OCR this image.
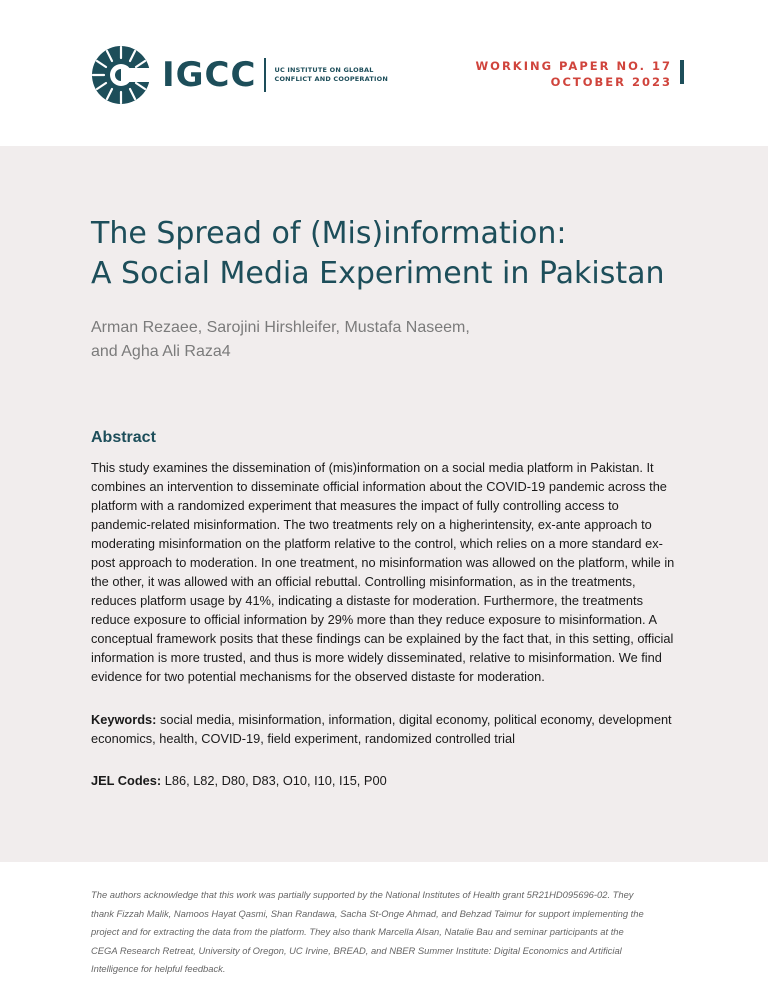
IGCC	UC INSTITUTE ON GLOBAL
CONFLICT AND COOPERATION
WORKING PAPER NO. 17
OCTOBER 2023
The Spread of (Mis)information:
A Social Media Experiment in Pakistan
Arman Rezaee, Sarojini Hirshleifer, Mustafa Naseem,
and Agha Ali Raza4
Abstract

This study examines the dissemination of (mis)information on a social media platform in Pakistan. It combines an intervention to disseminate official information about the COVID-19 pandemic across the platform with a randomized experiment that measures the impact of fully controlling access to pandemic-related misinformation. The two treatments rely on a higherintensity, ex-ante approach to moderating misinformation on the platform relative to the control, which relies on a more standard ex-post approach to moderation. In one treatment, no misinformation was allowed on the platform, while in the other, it was allowed with an official rebuttal. Controlling misinformation, as in the treatments, reduces platform usage by 41%, indicating a distaste for moderation. Furthermore, the treatments reduce exposure to official information by 29% more than they reduce exposure to misinformation. A conceptual framework posits that these findings can be explained by the fact that, in this setting, official information is more trusted, and thus is more widely disseminated, relative to misinformation. We find evidence for two potential mechanisms for the observed distaste for moderation.

Keywords: social media, misinformation, information, digital economy, political economy, development economics, health, COVID-19, field experiment, randomized controlled trial

JEL Codes: L86, L82, D80, D83, O10, I10, I15, P00

The authors acknowledge that this work was partially supported by the National Institutes of Health grant 5R21HD095696-02. They thank Fizzah Malik, Namoos Hayat Qasmi, Shan Randawa, Sacha St-Onge Ahmad, and Behzad Taimur for support implementing the project and for extracting the data from the platform. They also thank Marcella Alsan, Natalie Bau and seminar participants at the CEGA Research Retreat, University of Oregon, UC Irvine, BREAD, and NBER Summer Institute: Digital Economics and Artificial Intelligence for helpful feedback.
